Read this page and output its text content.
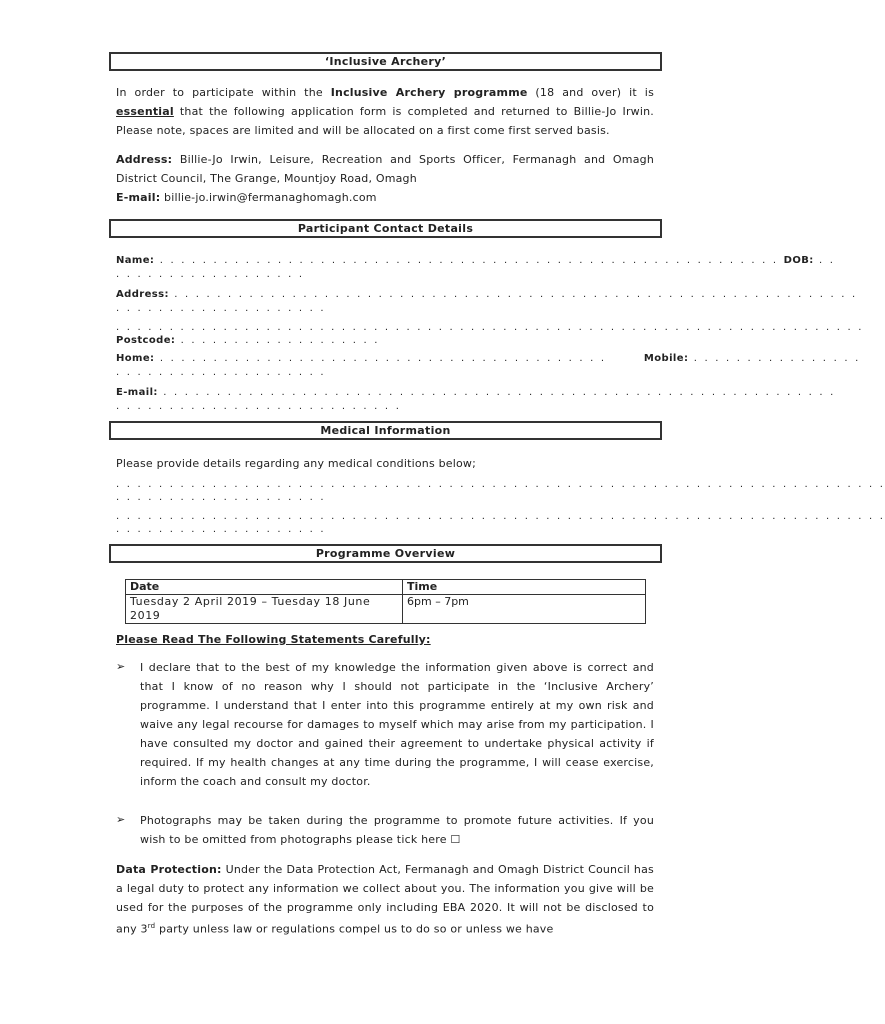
‘Inclusive Archery’
In order to participate within the Inclusive Archery programme (18 and over) it is essential that the following application form is completed and returned to Billie-Jo Irwin. Please note, spaces are limited and will be allocated on a first come first served basis.
Address: Billie-Jo Irwin, Leisure, Recreation and Sports Officer, Fermanagh and Omagh District Council, The Grange, Mountjoy Road, Omagh
E-mail: billie-jo.irwin@fermanaghomagh.com
Participant Contact Details
Name: . . . . . . . . . . . . . . . . . . . . . . . . . . . . . . . . . . . . . . . . . . . . . . . . . . . . . . . . . . DOB: . .
. . . . . . . . . . . . . . . . . .
Address: . . . . . . . . . . . . . . . . . . . . . . . . . . . . . . . . . . . . . . . . . . . . . . . . . . . . . . . . . . . . . . . .
. . . . . . . . . . . . . . . . . . . .
. . . . . . . . . . . . . . . . . . . . . . . . . . . . . . . . . . . . . . . . . . . . . . . . . . . . . . . . . . . . . . . . . . . . . .
Postcode: . . . . . . . . . . . . . . . . . . .
Home: . . . . . . . . . . . . . . . . . . . . . . . . . . . . . . . . . . . . . . . . . .       Mobile: . . . . . . . . . . . . . . . .
. . . . . . . . . . . . . . . . . . . .
E-mail: . . . . . . . . . . . . . . . . . . . . . . . . . . . . . . . . . . . . . . . . . . . . . . . . . . . . . . . . . . . . . . .
. . . . . . . . . . . . . . . . . . . . . . . . . . .
Medical Information
Please provide details regarding any medical conditions below;
. . . . . . . . . . . . . . . . . . . . . . . . . . . . . . . . . . . . . . . . . . . . . . . . . . . . . . . . . . . . . . . . . . . . . . . .
. . . . . . . . . . . . . . . . . . . .
. . . . . . . . . . . . . . . . . . . . . . . . . . . . . . . . . . . . . . . . . . . . . . . . . . . . . . . . . . . . . . . . . . . . . . . .
. . . . . . . . . . . . . . . . . . . .
Programme Overview
Date	Time
Tuesday 2 April 2019 – Tuesday 18 June 2019	6pm – 7pm
Please Read The Following Statements Carefully:
➢ I declare that to the best of my knowledge the information given above is correct and that I know of no reason why I should not participate in the ‘Inclusive Archery’ programme. I understand that I enter into this programme entirely at my own risk and waive any legal recourse for damages to myself which may arise from my participation. I have consulted my doctor and gained their agreement to undertake physical activity if required. If my health changes at any time during the programme, I will cease exercise, inform the coach and consult my doctor.
➢ Photographs may be taken during the programme to promote future activities. If you wish to be omitted from photographs please tick here ☐
Data Protection: Under the Data Protection Act, Fermanagh and Omagh District Council has a legal duty to protect any information we collect about you. The information you give will be used for the purposes of the programme only including EBA 2020. It will not be disclosed to any 3rd party unless law or regulations compel us to do so or unless we have
